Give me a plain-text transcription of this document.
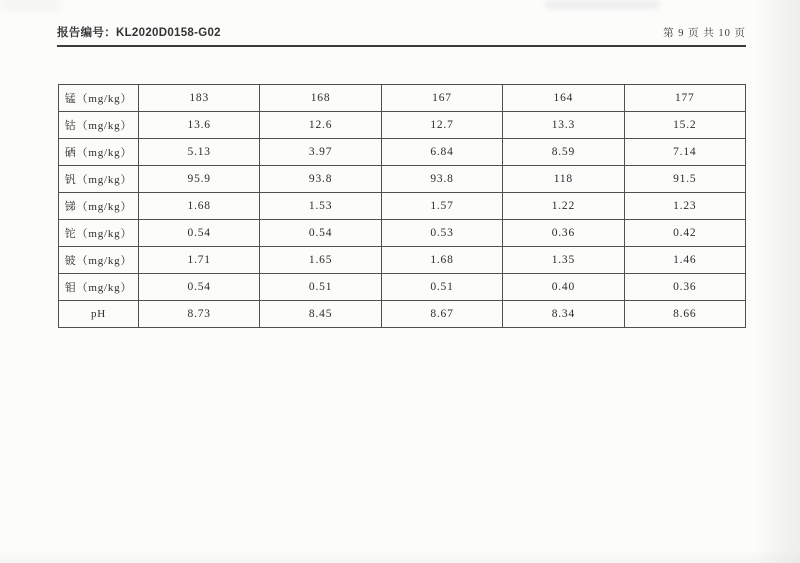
报告编号：KL2020D0158-G02	第 9 页 共 10 页
锰（mg/kg）	183	168	167	164	177
钴（mg/kg）	13.6	12.6	12.7	13.3	15.2
硒（mg/kg）	5.13	3.97	6.84	8.59	7.14
钒（mg/kg）	95.9	93.8	93.8	118	91.5
锑（mg/kg）	1.68	1.53	1.57	1.22	1.23
铊（mg/kg）	0.54	0.54	0.53	0.36	0.42
铍（mg/kg）	1.71	1.65	1.68	1.35	1.46
钼（mg/kg）	0.54	0.51	0.51	0.40	0.36
pH	8.73	8.45	8.67	8.34	8.66
